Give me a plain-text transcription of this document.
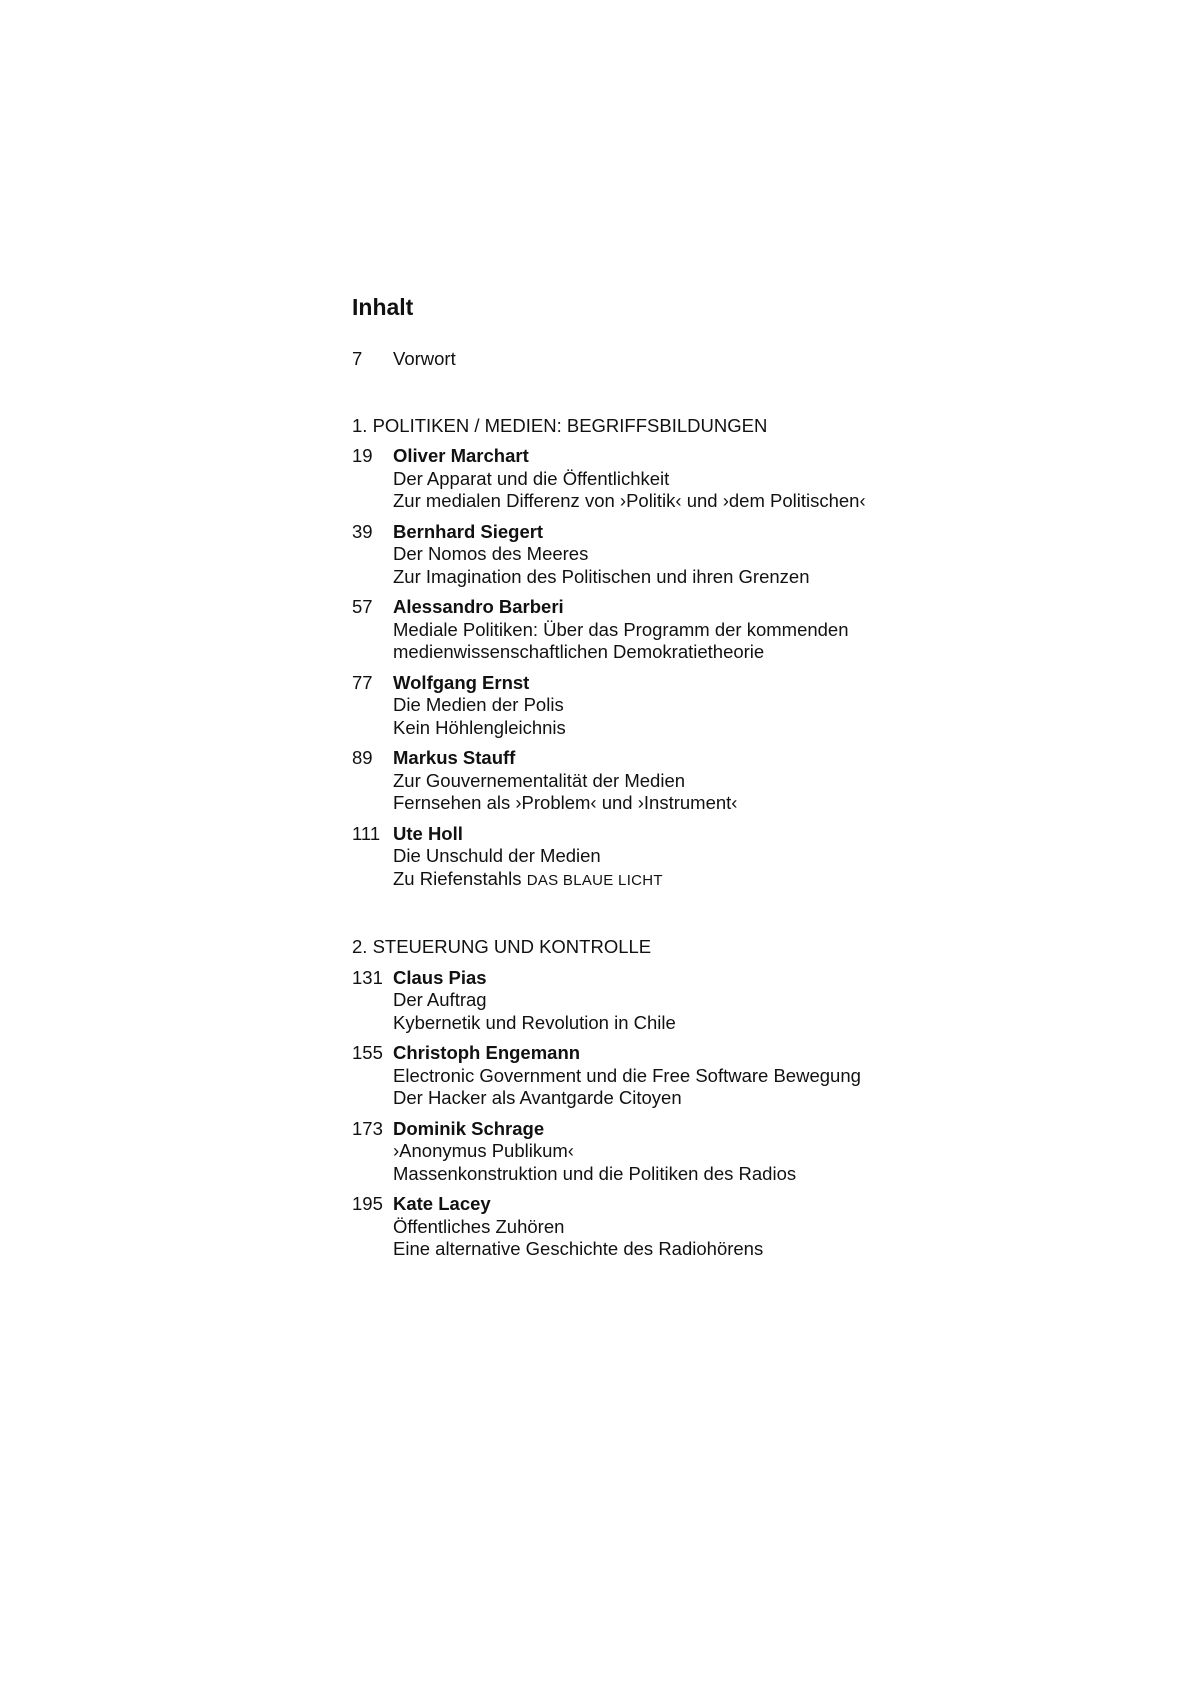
Inhalt
7	Vorwort
1. POLITIKEN / MEDIEN: BEGRIFFSBILDUNGEN
19	Oliver Marchart
Der Apparat und die Öffentlichkeit
Zur medialen Differenz von ›Politik‹ und ›dem Politischen‹
39	Bernhard Siegert
Der Nomos des Meeres
Zur Imagination des Politischen und ihren Grenzen
57	Alessandro Barberi
Mediale Politiken: Über das Programm der kommenden
medienwissenschaftlichen Demokratietheorie
77	Wolfgang Ernst
Die Medien der Polis
Kein Höhlengleichnis
89	Markus Stauff
Zur Gouvernementalität der Medien
Fernsehen als ›Problem‹ und ›Instrument‹
111 Ute Holl
Die Unschuld der Medien
Zu Riefenstahls DAS BLAUE LICHT
2. STEUERUNG UND KONTROLLE
131 Claus Pias
Der Auftrag
Kybernetik und Revolution in Chile
155 Christoph Engemann
Electronic Government und die Free Software Bewegung
Der Hacker als Avantgarde Citoyen
173 Dominik Schrage
›Anonymus Publikum‹
Massenkonstruktion und die Politiken des Radios
195 Kate Lacey
Öffentliches Zuhören
Eine alternative Geschichte des Radiohörens
